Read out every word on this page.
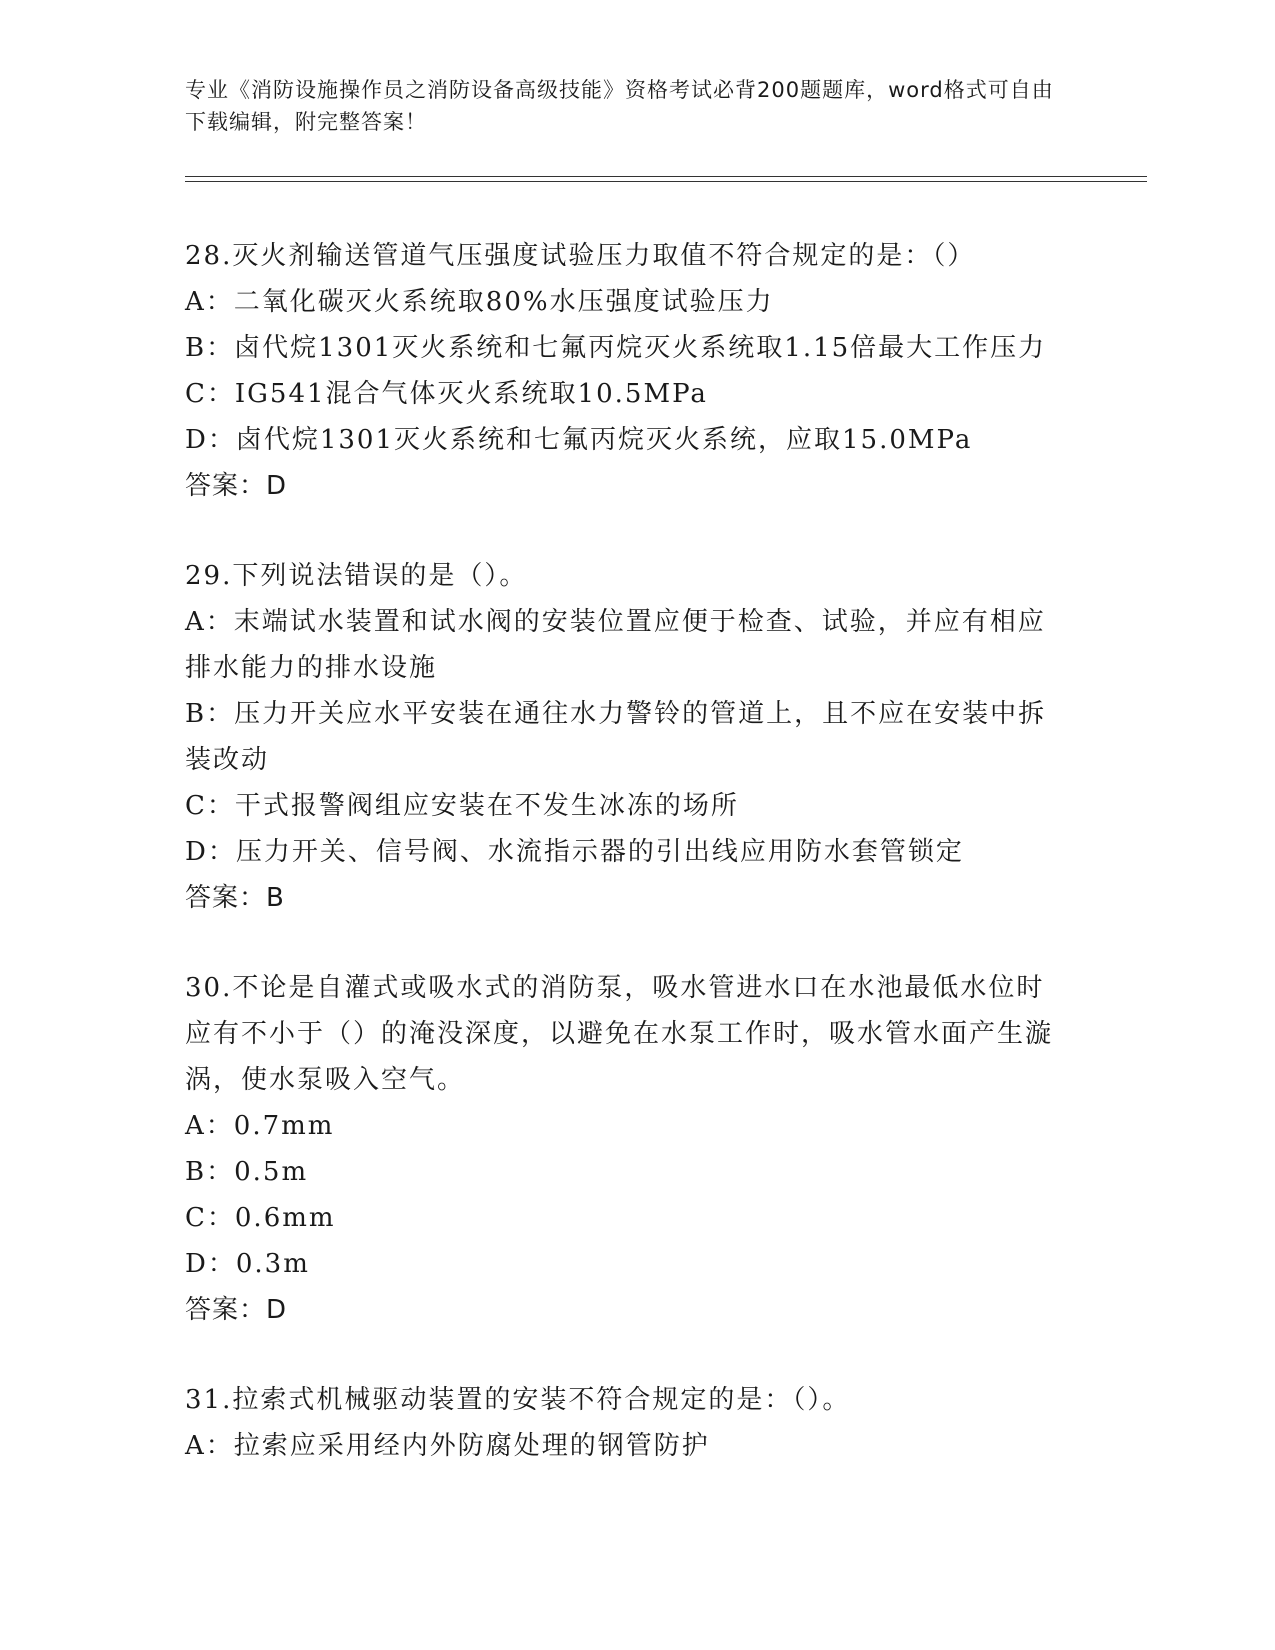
专业《消防设施操作员之消防设备高级技能》资格考试必背200题题库，word格式可自由下载编辑，附完整答案！

28.灭火剂输送管道气压强度试验压力取值不符合规定的是：（）

A：二氧化碳灭火系统取80%水压强度试验压力

B：卤代烷1301灭火系统和七氟丙烷灭火系统取1.15倍最大工作压力

C：IG541混合气体灭火系统取10.5MPa

D：卤代烷1301灭火系统和七氟丙烷灭火系统，应取15.0MPa

答案：D

29.下列说法错误的是（）。

A：末端试水装置和试水阀的安装位置应便于检查、试验，并应有相应排水能力的排水设施

B：压力开关应水平安装在通往水力警铃的管道上，且不应在安装中拆装改动

C：干式报警阀组应安装在不发生冰冻的场所

D：压力开关、信号阀、水流指示器的引出线应用防水套管锁定

答案：B

30.不论是自灌式或吸水式的消防泵，吸水管进水口在水池最低水位时应有不小于（）的淹没深度，以避免在水泵工作时，吸水管水面产生漩涡，使水泵吸入空气。

A：0.7mm

B：0.5m

C：0.6mm

D：0.3m

答案：D

31.拉索式机械驱动装置的安装不符合规定的是：（）。

A：拉索应采用经内外防腐处理的钢管防护
